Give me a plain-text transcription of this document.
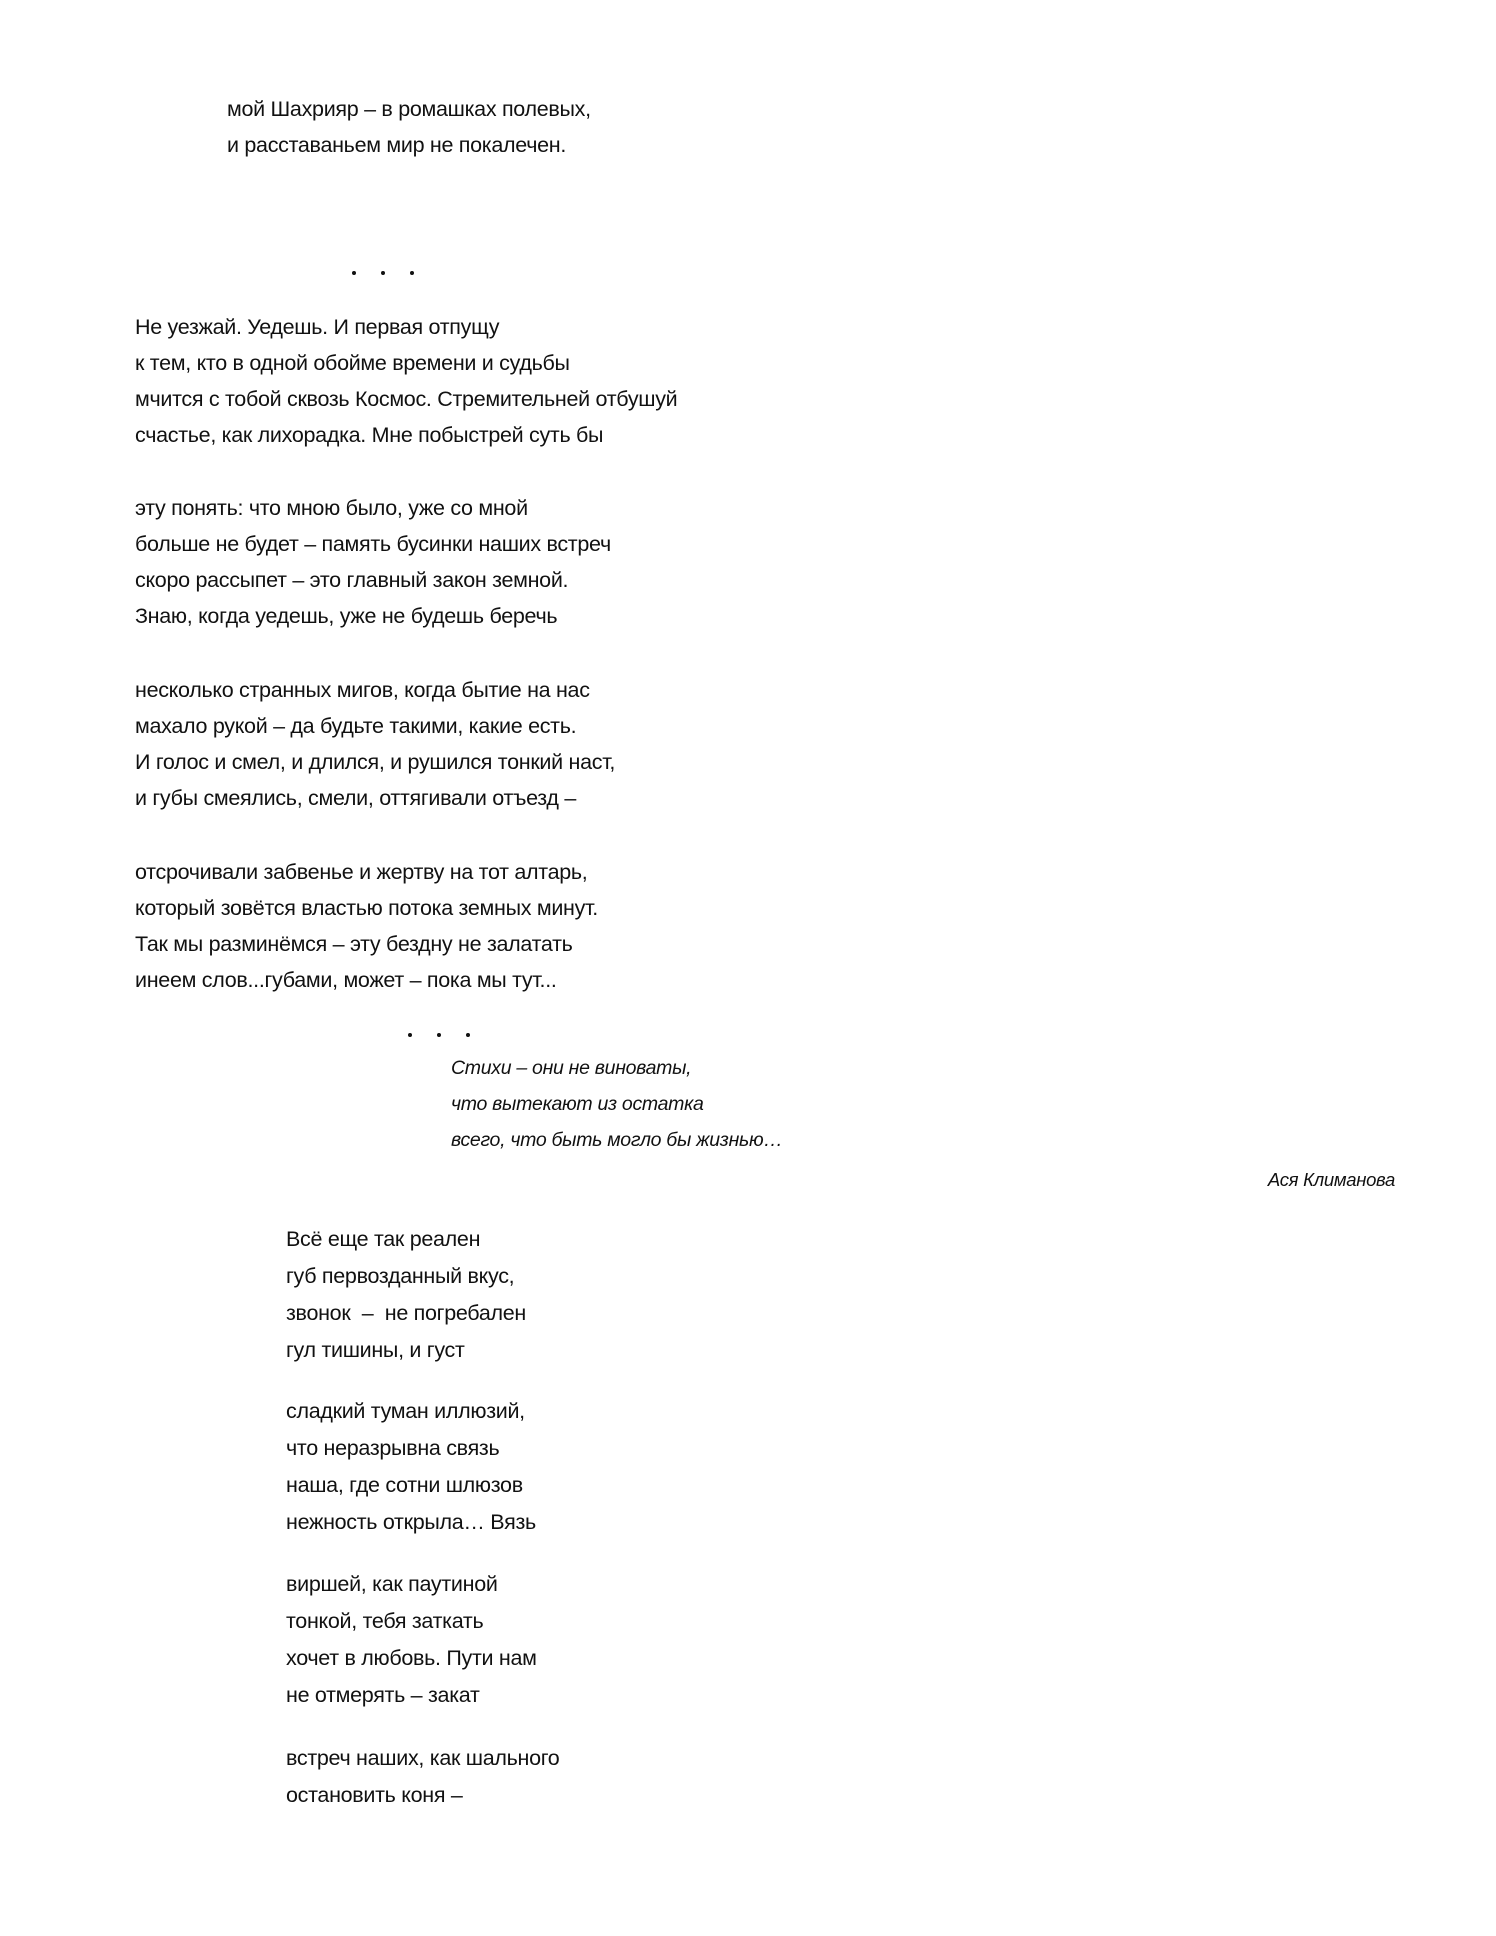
мой Шахрияр – в ромашках полевых,
и расставаньем мир не покалечен.
Не уезжай. Уедешь. И первая отпущу
к тем, кто в одной обойме времени и судьбы
мчится с тобой сквозь Космос. Стремительней отбушуй
счастье, как лихорадка. Мне побыстрей суть бы
эту понять: что мною было, уже со мной
больше не будет – память бусинки наших встреч
скоро рассыпет – это главный закон земной.
Знаю, когда уедешь, уже не будешь беречь
несколько странных мигов, когда бытие на нас
махало рукой – да будьте такими, какие есть.
И голос и смел, и длился, и рушился тонкий наст,
и губы смеялись, смели, оттягивали отъезд –
отсрочивали забвенье и жертву на тот алтарь,
который зовётся властью потока земных минут.
Так мы разминёмся – эту бездну не залатать
инеем слов...губами, может – пока мы тут...
Стихи – они не виноваты,
что вытекают из остатка
всего, что быть могло бы жизнью…
Ася Климанова
Всё еще так реален
губ первозданный вкус,
звонок  –  не погребален
гул тишины, и густ
сладкий туман иллюзий,
что неразрывна связь
наша, где сотни шлюзов
нежность открыла… Вязь
виршей, как паутиной
тонкой, тебя заткать
хочет в любовь. Пути нам
не отмерять – закат
встреч наших, как шального
остановить коня –
